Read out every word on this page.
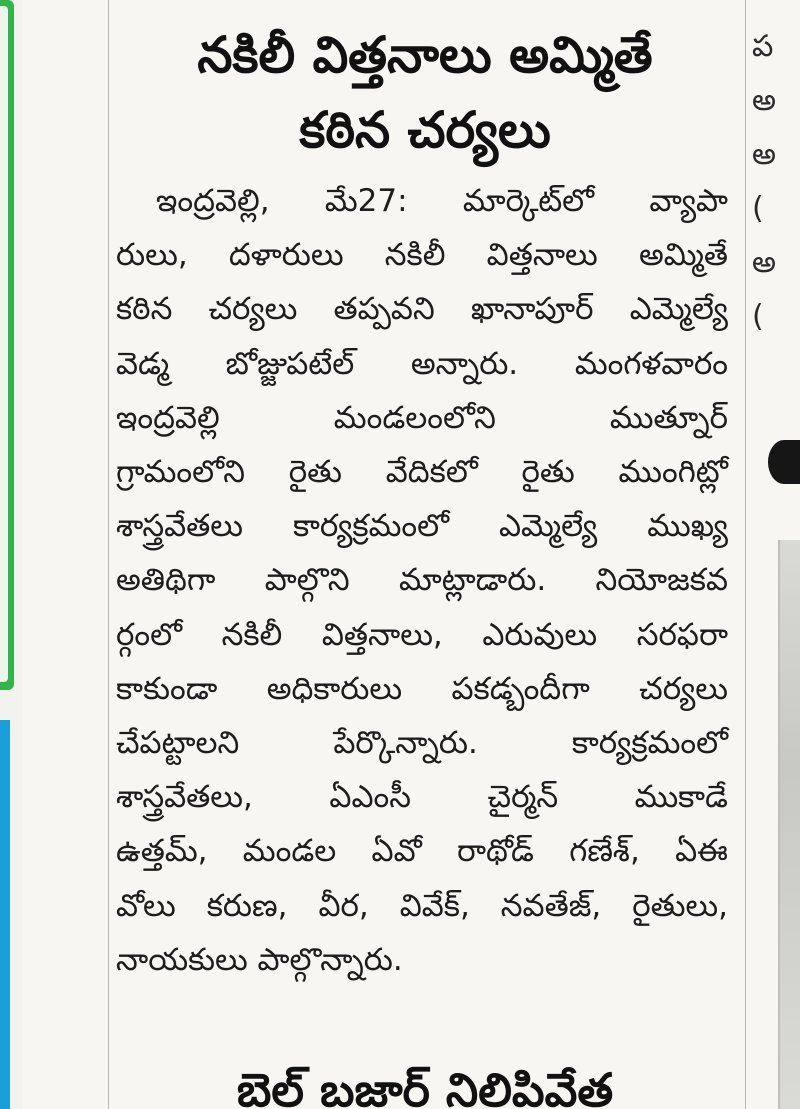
నకిలీ విత్తనాలు అమ్మితే
కఠిన చర్యలు
ఇంద్రవెల్లి, మే27: మార్కెట్‌లో వ్యాపా
రులు, దళారులు నకిలీ విత్తనాలు అమ్మితే
కఠిన చర్యలు తప్పవని ఖానాపూర్ ఎమ్మెల్యే
వెడ్మ బోజ్జుపటేల్ అన్నారు. మంగళవారం
ఇంద్రవెల్లి మండలంలోని ముత్నూర్
గ్రామంలోని రైతు వేదికలో రైతు ముంగిట్లో
శాస్త్రవేతలు కార్యక్రమంలో ఎమ్మెల్యే ముఖ్య
అతిథిగా పాల్గొని మాట్లాడారు. నియోజకవ
ర్గంలో నకిలీ విత్తనాలు, ఎరువులు సరఫరా
కాకుండా అధికారులు పకడ్బందీగా చర్యలు
చేపట్టాలని పేర్కొన్నారు. కార్యక్రమంలో
శాస్త్రవేతలు, ఏఎంసీ చైర్మన్ ముకాడే
ఉత్తమ్, మండల ఏవో రాథోడ్ గణేశ్, ఏఈ
వోలు కరుణ, వీర, వివేక్, నవతేజ్, రైతులు,
నాయకులు పాల్గొన్నారు.
బెల్ బజార్ నిలిపివేత
ప
అ
అ
(
అ
(
